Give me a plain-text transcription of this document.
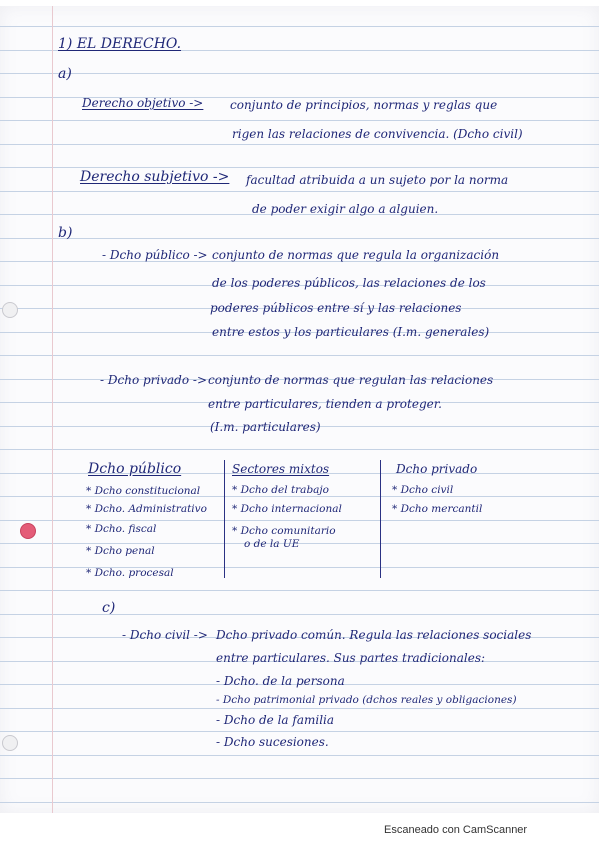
1) EL DERECHO.
a)
Derecho objetivo -> conjunto de principios, normas y reglas que
rigen las relaciones de convivencia. (Dcho civil)
Derecho subjetivo -> facultad atribuida a un sujeto por la norma
de poder exigir algo a alguien.
b)
- Dcho público -> conjunto de normas que regula la organización
de los poderes públicos, las relaciones de los
poderes públicos entre sí y las relaciones
entre estos y los particulares (I.m. generales)
- Dcho privado -> conjunto de normas que regulan las relaciones
entre particulares, tienden a proteger.
(I.m. particulares)
Dcho público
* Dcho constitucional
* Dcho. Administrativo
* Dcho. fiscal
* Dcho penal
* Dcho. procesal
Sectores mixtos
* Dcho del trabajo
* Dcho internacional
* Dcho comunitario
o de la UE
Dcho privado
* Dcho civil
* Dcho mercantil
c)
- Dcho civil -> Dcho privado común. Regula las relaciones sociales
entre particulares. Sus partes tradicionales:
- Dcho. de la persona
- Dcho patrimonial privado (dchos reales y obligaciones)
- Dcho de la familia
- Dcho sucesiones.
Escaneado con CamScanner
